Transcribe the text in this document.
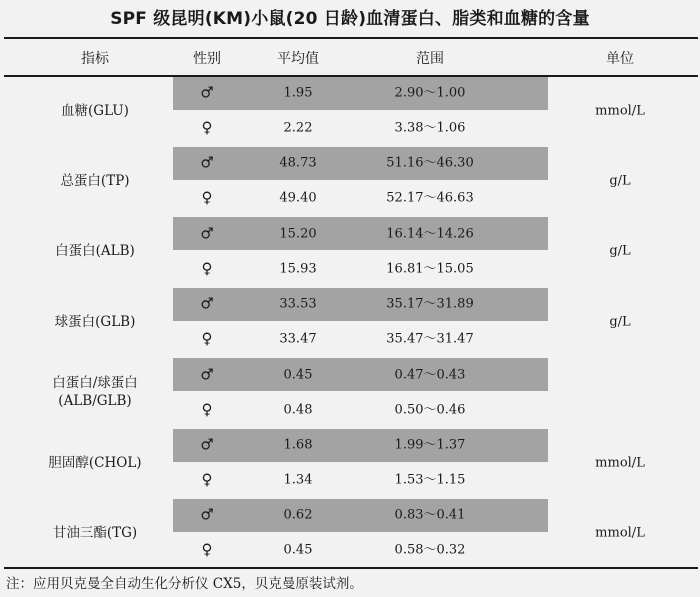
SPF 级昆明(KM)小鼠(20 日龄)血清蛋白、脂类和血糖的含量
指标	性别	平均值	范围	单位
血糖(GLU)
♂	1.95	2.90～1.00
♀	2.22	3.38～1.06
mmol/L
总蛋白(TP)
♂	48.73	51.16～46.30
♀	49.40	52.17～46.63
g/L
白蛋白(ALB)
♂	15.20	16.14～14.26
♀	15.93	16.81～15.05
g/L
球蛋白(GLB)
♂	33.53	35.17～31.89
♀	33.47	35.47～31.47
g/L
白蛋白/球蛋白
(ALB/GLB)
♂	0.45	0.47～0.43
♀	0.48	0.50～0.46
胆固醇(CHOL)
♂	1.68	1.99～1.37
♀	1.34	1.53～1.15
mmol/L
甘油三酯(TG)
♂	0.62	0.83～0.41
♀	0.45	0.58～0.32
mmol/L
注：应用贝克曼全自动生化分析仪 CX5，贝克曼原装试剂。
